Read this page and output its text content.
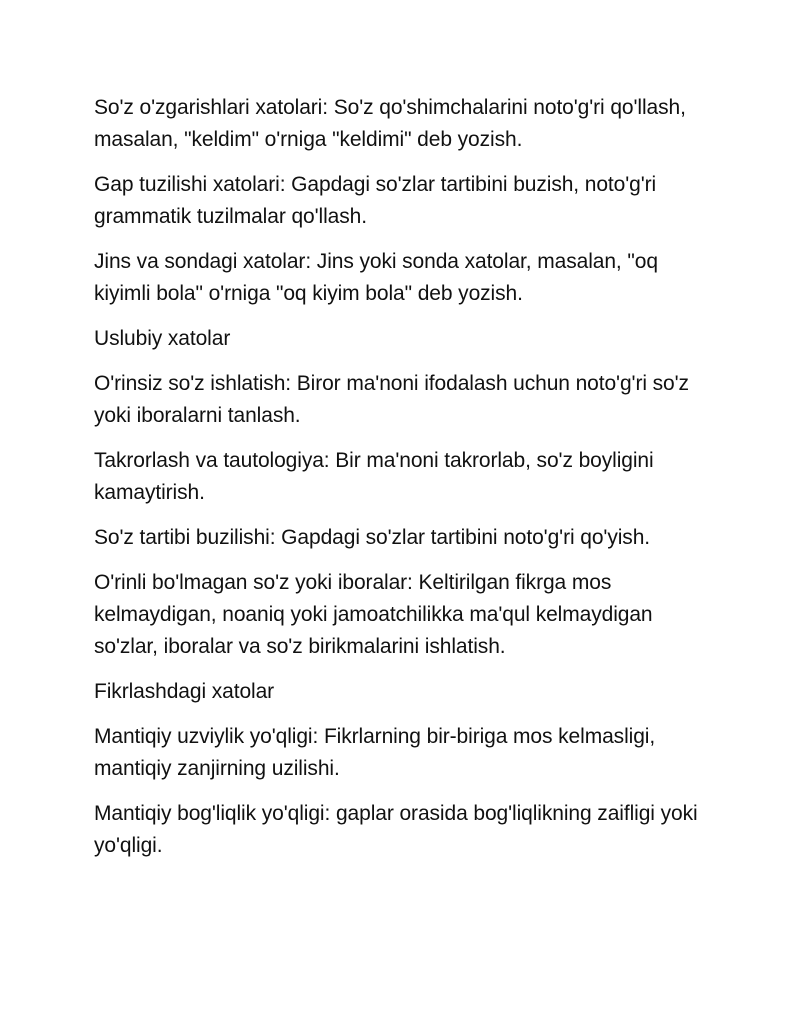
So'z o'zgarishlari xatolari: So'z qo'shimchalarini noto'g'ri qo'llash, masalan, "keldim" o'rniga "keldimi" deb yozish.

Gap tuzilishi xatolari: Gapdagi so'zlar tartibini buzish, noto'g'ri grammatik tuzilmalar qo'llash.

Jins va sondagi xatolar: Jins yoki sonda xatolar, masalan, "oq kiyimli bola" o'rniga "oq kiyim bola" deb yozish.

Uslubiy xatolar

O'rinsiz so'z ishlatish: Biror ma'noni ifodalash uchun noto'g'ri so'z yoki iboralarni tanlash.

Takrorlash va tautologiya: Bir ma'noni takrorlab, so'z boyligini kamaytirish.

So'z tartibi buzilishi: Gapdagi so'zlar tartibini noto'g'ri qo'yish.

O'rinli bo'lmagan so'z yoki iboralar: Keltirilgan fikrga mos kelmaydigan, noaniq yoki jamoatchilikka ma'qul kelmaydigan so'zlar, iboralar va so'z birikmalarini ishlatish.

Fikrlashdagi xatolar

Mantiqiy uzviylik yo'qligi: Fikrlarning bir-biriga mos kelmasligi, mantiqiy zanjirning uzilishi.

Mantiqiy bog'liqlik yo'qligi: gaplar orasida bog'liqlikning zaifligi yoki yo'qligi.
